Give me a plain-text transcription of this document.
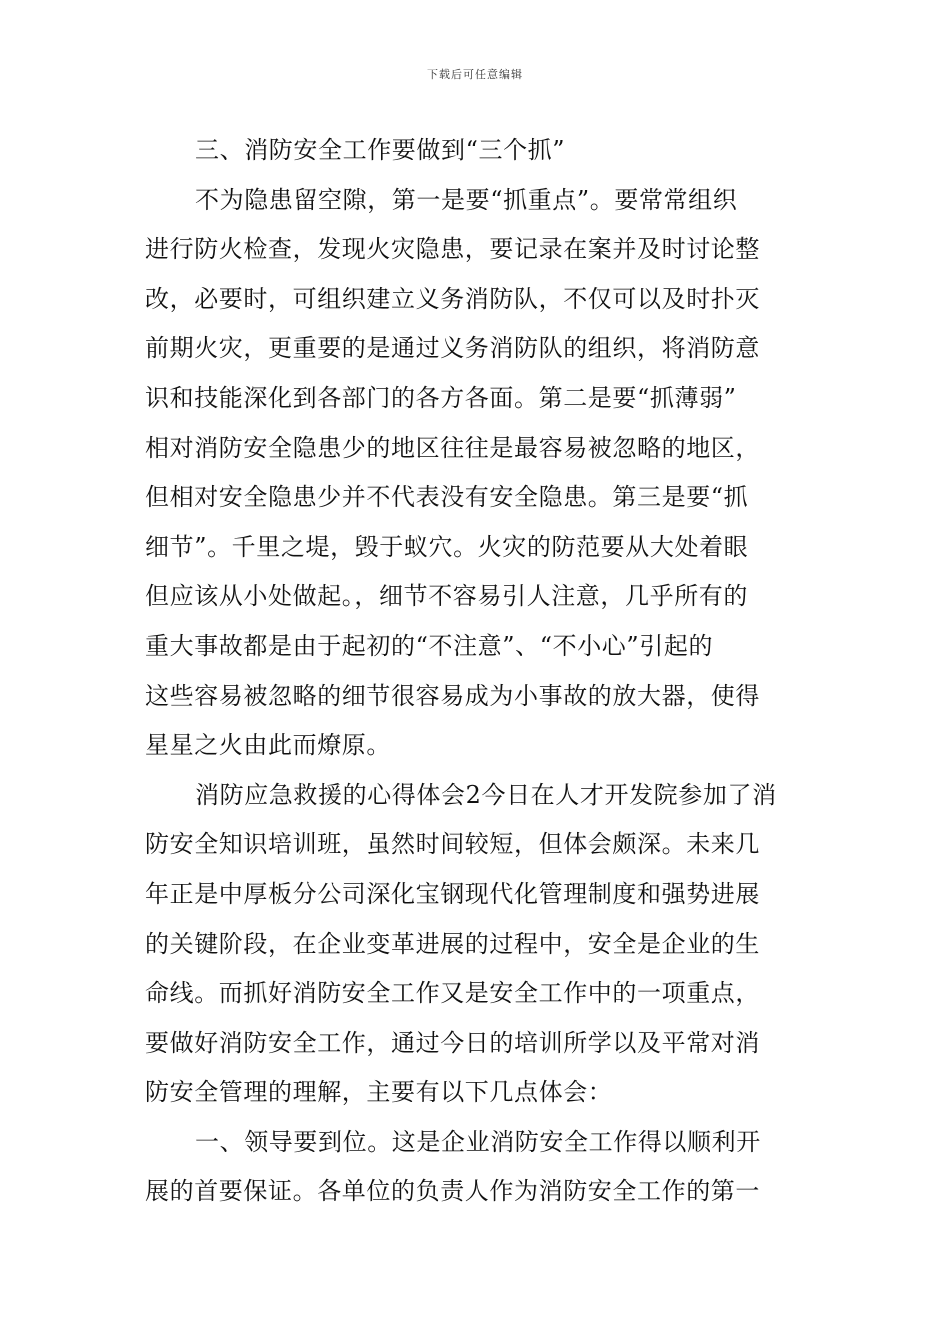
下载后可任意编辑
三、消防安全工作要做到“三个抓”
不为隐患留空隙，第一是要“抓重点”。要常常组织
进行防火检查，发现火灾隐患，要记录在案并及时讨论整
改，必要时，可组织建立义务消防队，不仅可以及时扑灭
前期火灾，更重要的是通过义务消防队的组织，将消防意
识和技能深化到各部门的各方各面。第二是要“抓薄弱”
相对消防安全隐患少的地区往往是最容易被忽略的地区，
但相对安全隐患少并不代表没有安全隐患。第三是要“抓
细节”。千里之堤，毁于蚁穴。火灾的防范要从大处着眼
但应该从小处做起。，细节不容易引人注意，几乎所有的
重大事故都是由于起初的“不注意”、“不小心”引起的
这些容易被忽略的细节很容易成为小事故的放大器，使得
星星之火由此而燎原。
消防应急救援的心得体会2今日在人才开发院参加了消
防安全知识培训班，虽然时间较短，但体会颇深。未来几
年正是中厚板分公司深化宝钢现代化管理制度和强势进展
的关键阶段，在企业变革进展的过程中，安全是企业的生
命线。而抓好消防安全工作又是安全工作中的一项重点，
要做好消防安全工作，通过今日的培训所学以及平常对消
防安全管理的理解，主要有以下几点体会：
一、领导要到位。这是企业消防安全工作得以顺利开
展的首要保证。各单位的负责人作为消防安全工作的第一
